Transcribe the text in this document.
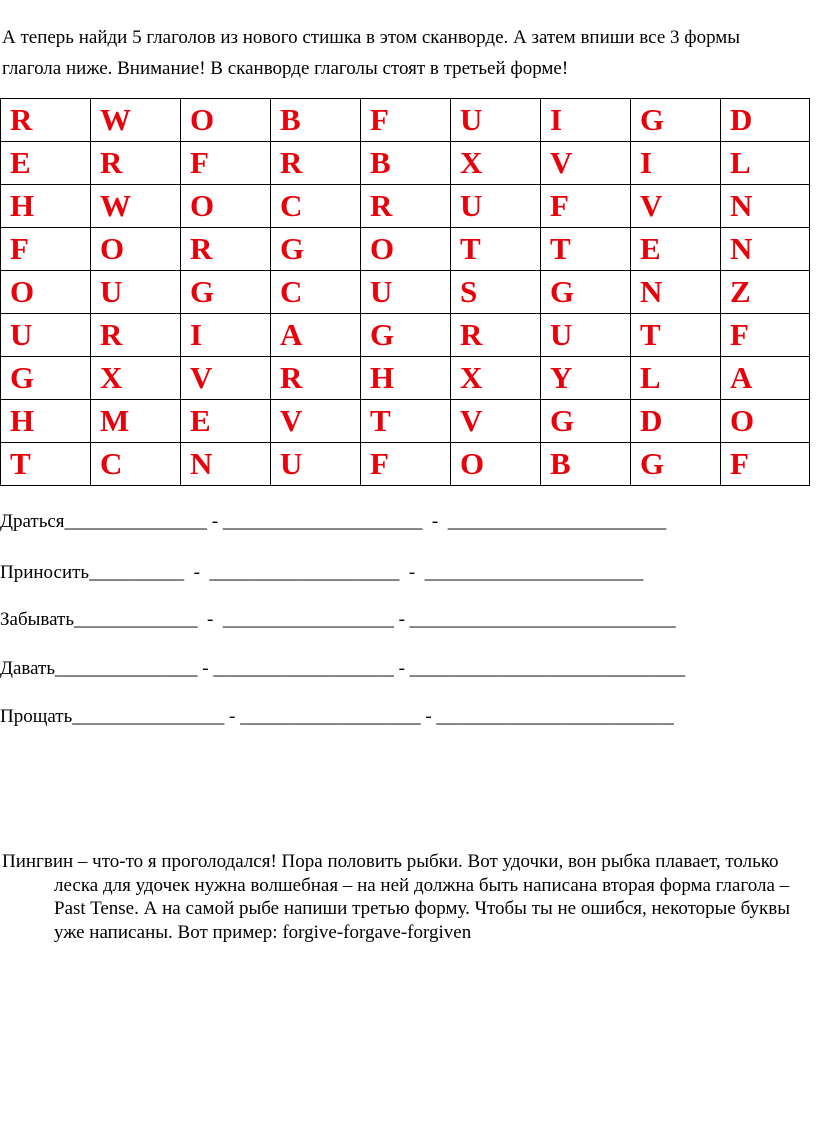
А теперь найди 5 глаголов из нового стишка в этом сканворде. А затем впиши все 3 формы глагола ниже. Внимание! В сканворде глаголы стоят в третьей форме!

R	W	O	B	F	U	I	G	D
E	R	F	R	B	X	V	I	L
H	W	O	C	R	U	F	V	N
F	O	R	G	O	T	T	E	N
O	U	G	C	U	S	G	N	Z
U	R	I	A	G	R	U	T	F
G	X	V	R	H	X	Y	L	A
H	M	E	V	T	V	G	D	O
T	C	N	U	F	O	B	G	F

Драться_______________ - _____________________  -  _______________________

Приносить__________  -  ____________________  -  _______________________

Забывать_____________  -  __________________ - ____________________________

Давать_______________ - ___________________ - _____________________________

Прощать________________ - ___________________ - _________________________

Пингвин – что-то я проголодался! Пора половить рыбки. Вот удочки, вон рыбка плавает, только леска для удочек нужна волшебная – на ней должна быть написана вторая форма глагола – Past Tense. А на самой рыбе напиши третью форму. Чтобы ты не ошибся, некоторые буквы уже написаны. Вот пример: forgive-forgave-forgiven
